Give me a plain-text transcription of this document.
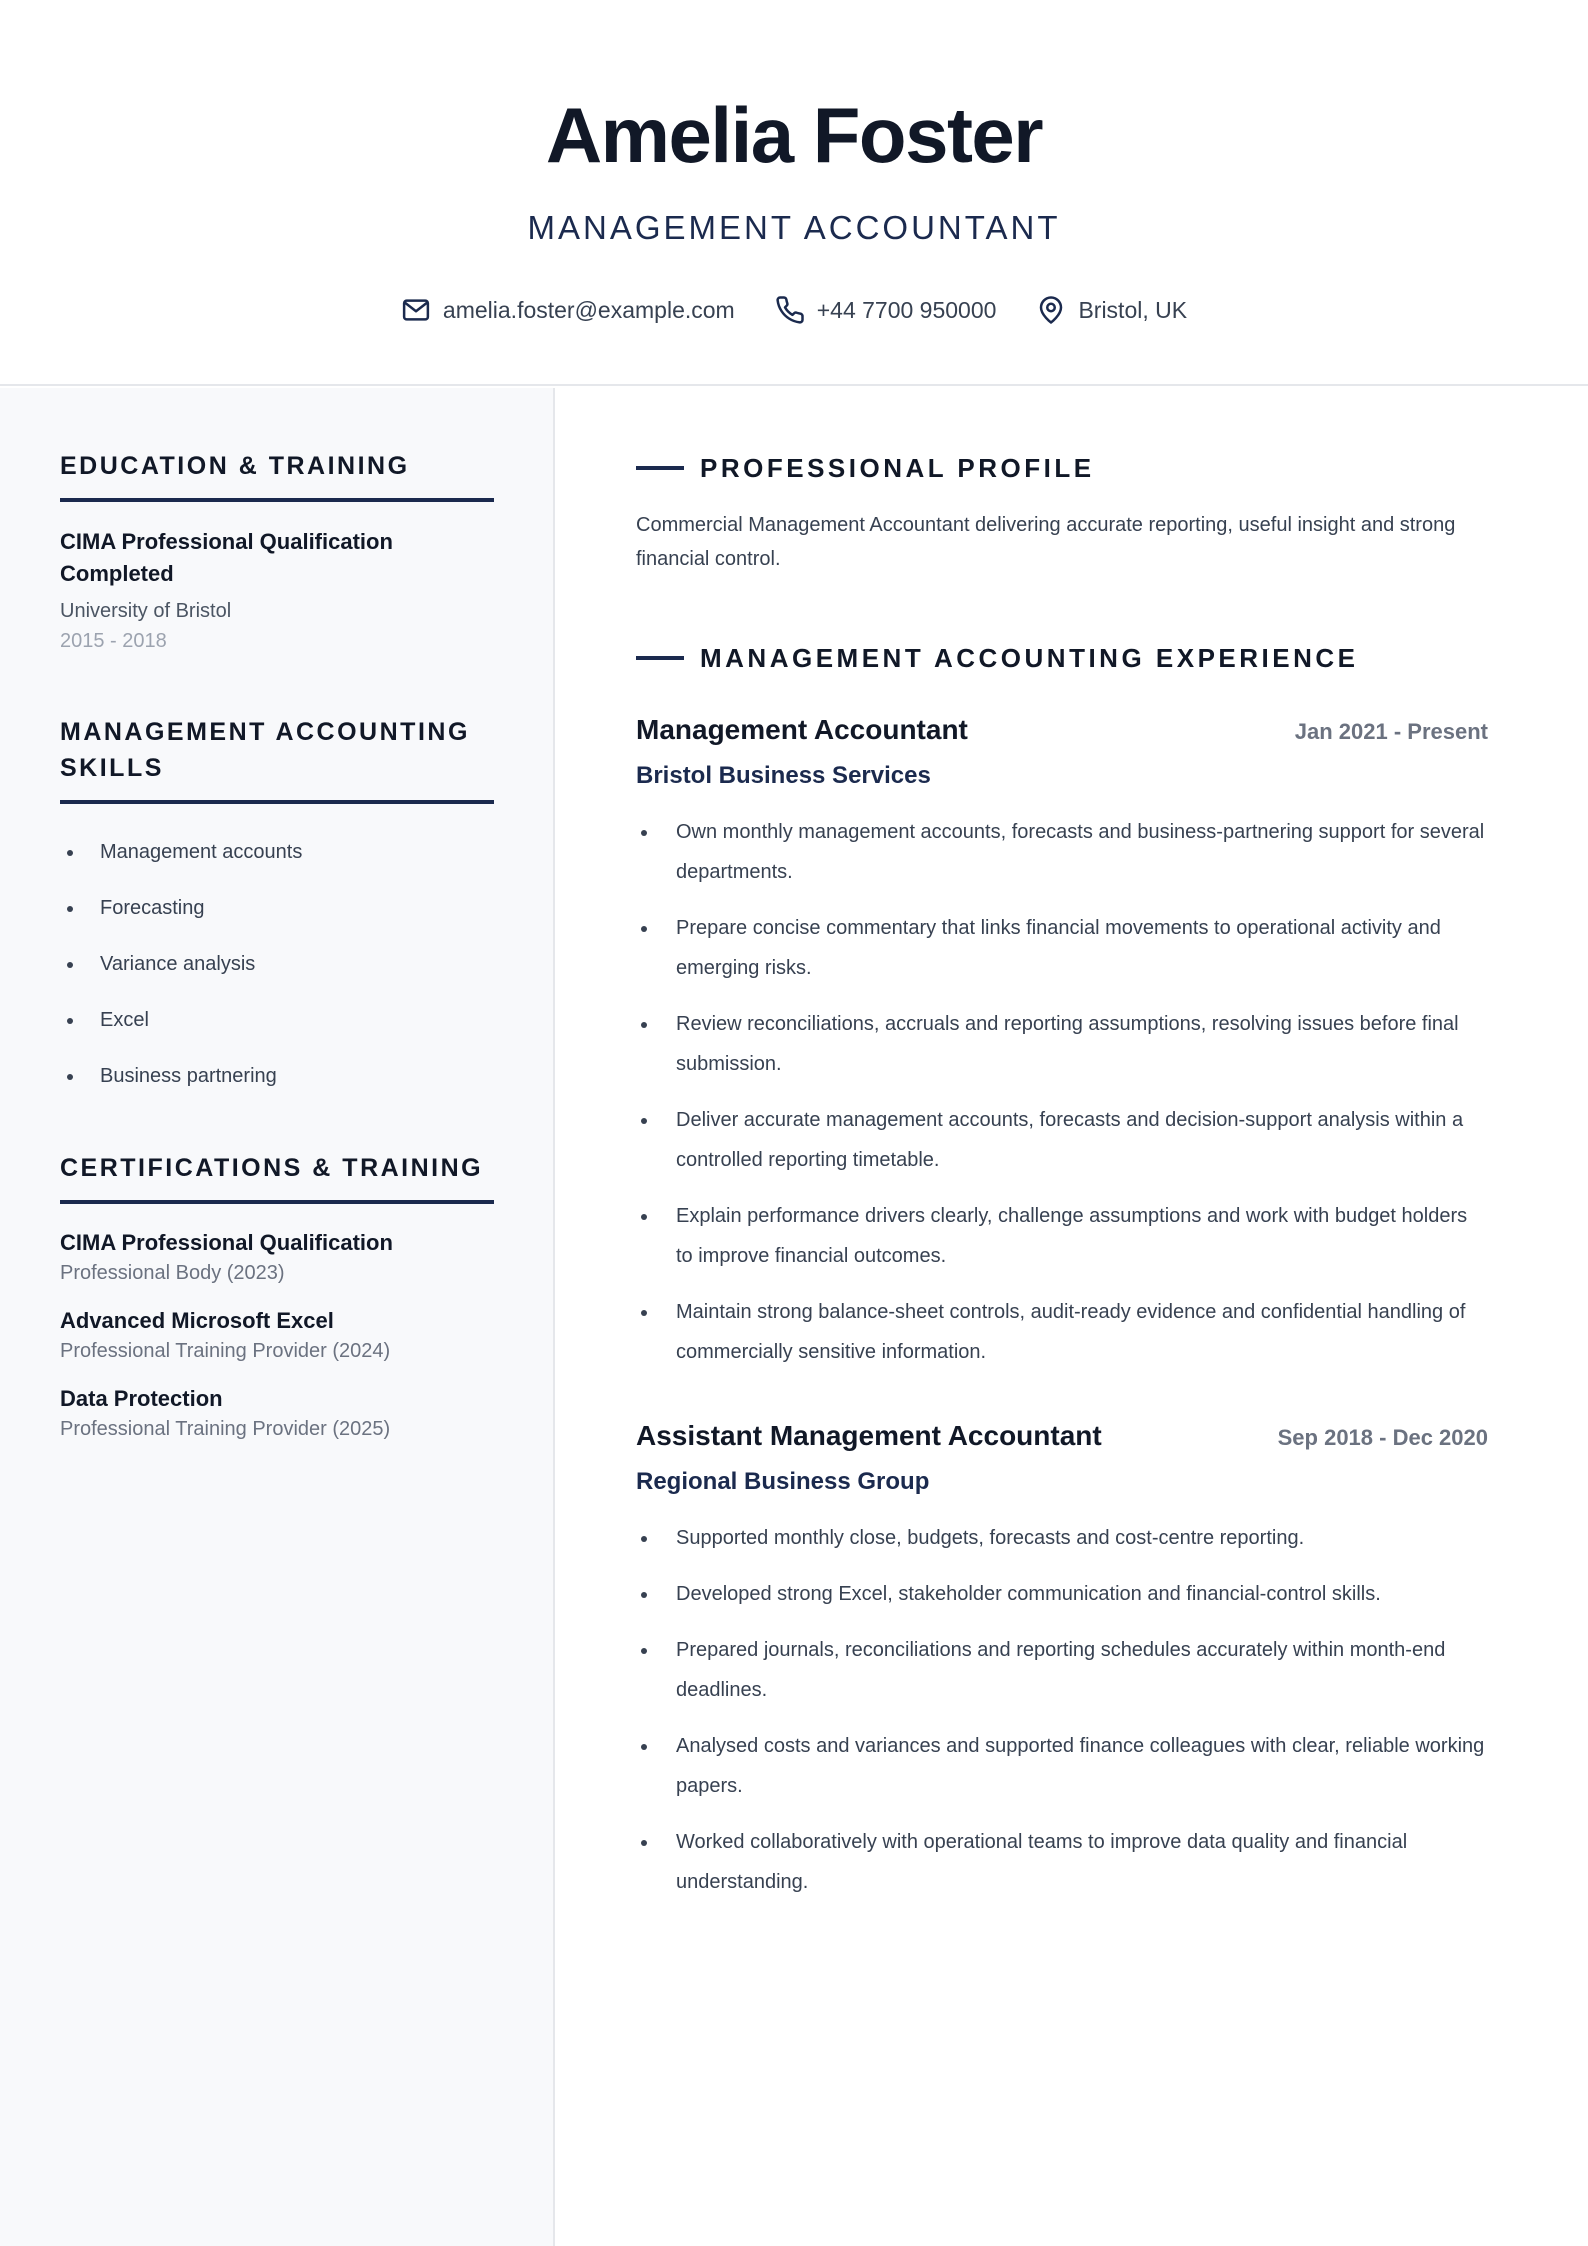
Amelia Foster
MANAGEMENT ACCOUNTANT
amelia.foster@example.com	+44 7700 950000	Bristol, UK
EDUCATION & TRAINING
CIMA Professional Qualification Completed
University of Bristol
2015 - 2018
MANAGEMENT ACCOUNTING SKILLS
Management accounts
Forecasting
Variance analysis
Excel
Business partnering
CERTIFICATIONS & TRAINING
CIMA Professional Qualification
Professional Body (2023)
Advanced Microsoft Excel
Professional Training Provider (2024)
Data Protection
Professional Training Provider (2025)
PROFESSIONAL PROFILE
Commercial Management Accountant delivering accurate reporting, useful insight and strong financial control.
MANAGEMENT ACCOUNTING EXPERIENCE
Management Accountant	Jan 2021 - Present
Bristol Business Services
Own monthly management accounts, forecasts and business-partnering support for several departments.
Prepare concise commentary that links financial movements to operational activity and emerging risks.
Review reconciliations, accruals and reporting assumptions, resolving issues before final submission.
Deliver accurate management accounts, forecasts and decision-support analysis within a controlled reporting timetable.
Explain performance drivers clearly, challenge assumptions and work with budget holders to improve financial outcomes.
Maintain strong balance-sheet controls, audit-ready evidence and confidential handling of commercially sensitive information.
Assistant Management Accountant	Sep 2018 - Dec 2020
Regional Business Group
Supported monthly close, budgets, forecasts and cost-centre reporting.
Developed strong Excel, stakeholder communication and financial-control skills.
Prepared journals, reconciliations and reporting schedules accurately within month-end deadlines.
Analysed costs and variances and supported finance colleagues with clear, reliable working papers.
Worked collaboratively with operational teams to improve data quality and financial understanding.
